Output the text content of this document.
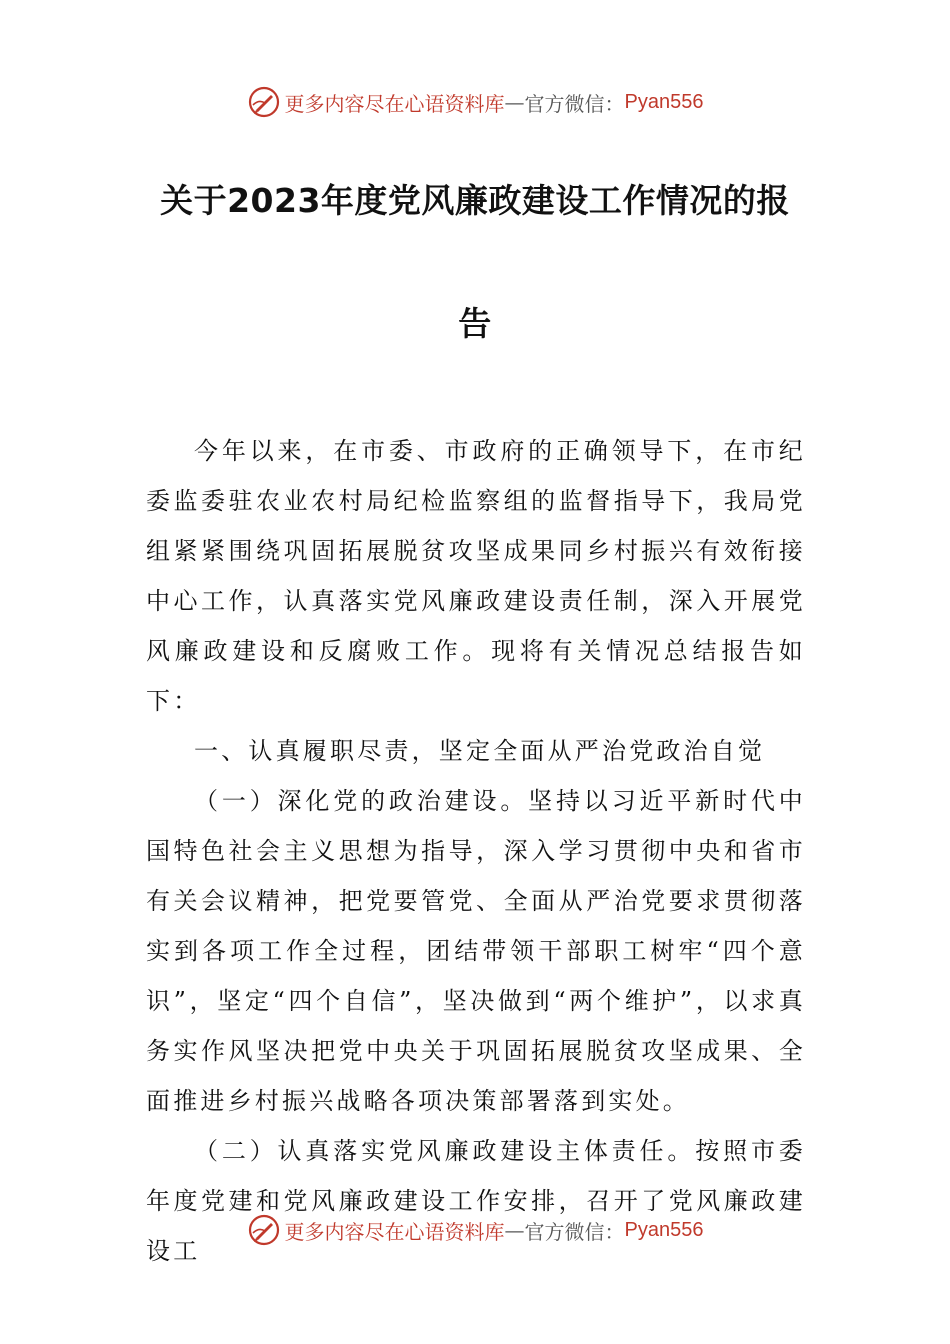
更多内容尽在心语资料库 — 官方微信： Pyan556
关于2023年度党风廉政建设工作情况的报
告

今年以来，在市委、市政府的正确领导下，在市纪委监委驻农业农村局纪检监察组的监督指导下，我局党组紧紧围绕巩固拓展脱贫攻坚成果同乡村振兴有效衔接中心工作，认真落实党风廉政建设责任制，深入开展党风廉政建设和反腐败工作。现将有关情况总结报告如下：

一、认真履职尽责，坚定全面从严治党政治自觉

（一）深化党的政治建设。坚持以习近平新时代中国特色社会主义思想为指导，深入学习贯彻中央和省市有关会议精神，把党要管党、全面从严治党要求贯彻落实到各项工作全过程，团结带领干部职工树牢“四个意识”，坚定“四个自信”，坚决做到“两个维护”，以求真务实作风坚决把党中央关于巩固拓展脱贫攻坚成果、全面推进乡村振兴战略各项决策部署落到实处。

（二）认真落实党风廉政建设主体责任。按照市委年度党建和党风廉政建设工作安排，召开了党风廉政建设工

更多内容尽在心语资料库 — 官方微信： Pyan556
